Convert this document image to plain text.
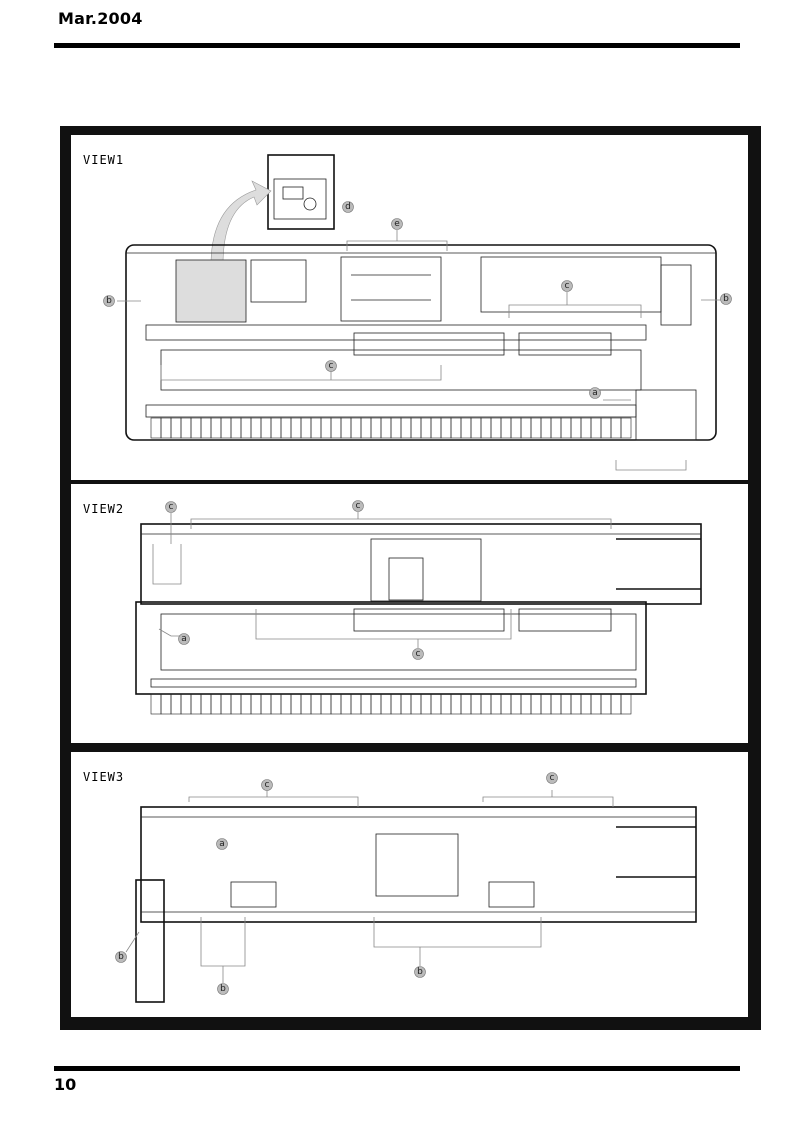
Mar.2004
VIEW1
d
e
b
c
b
c
a
VIEW2	c	c
a
c
VIEW3
c
c
a
b
b
b
10
